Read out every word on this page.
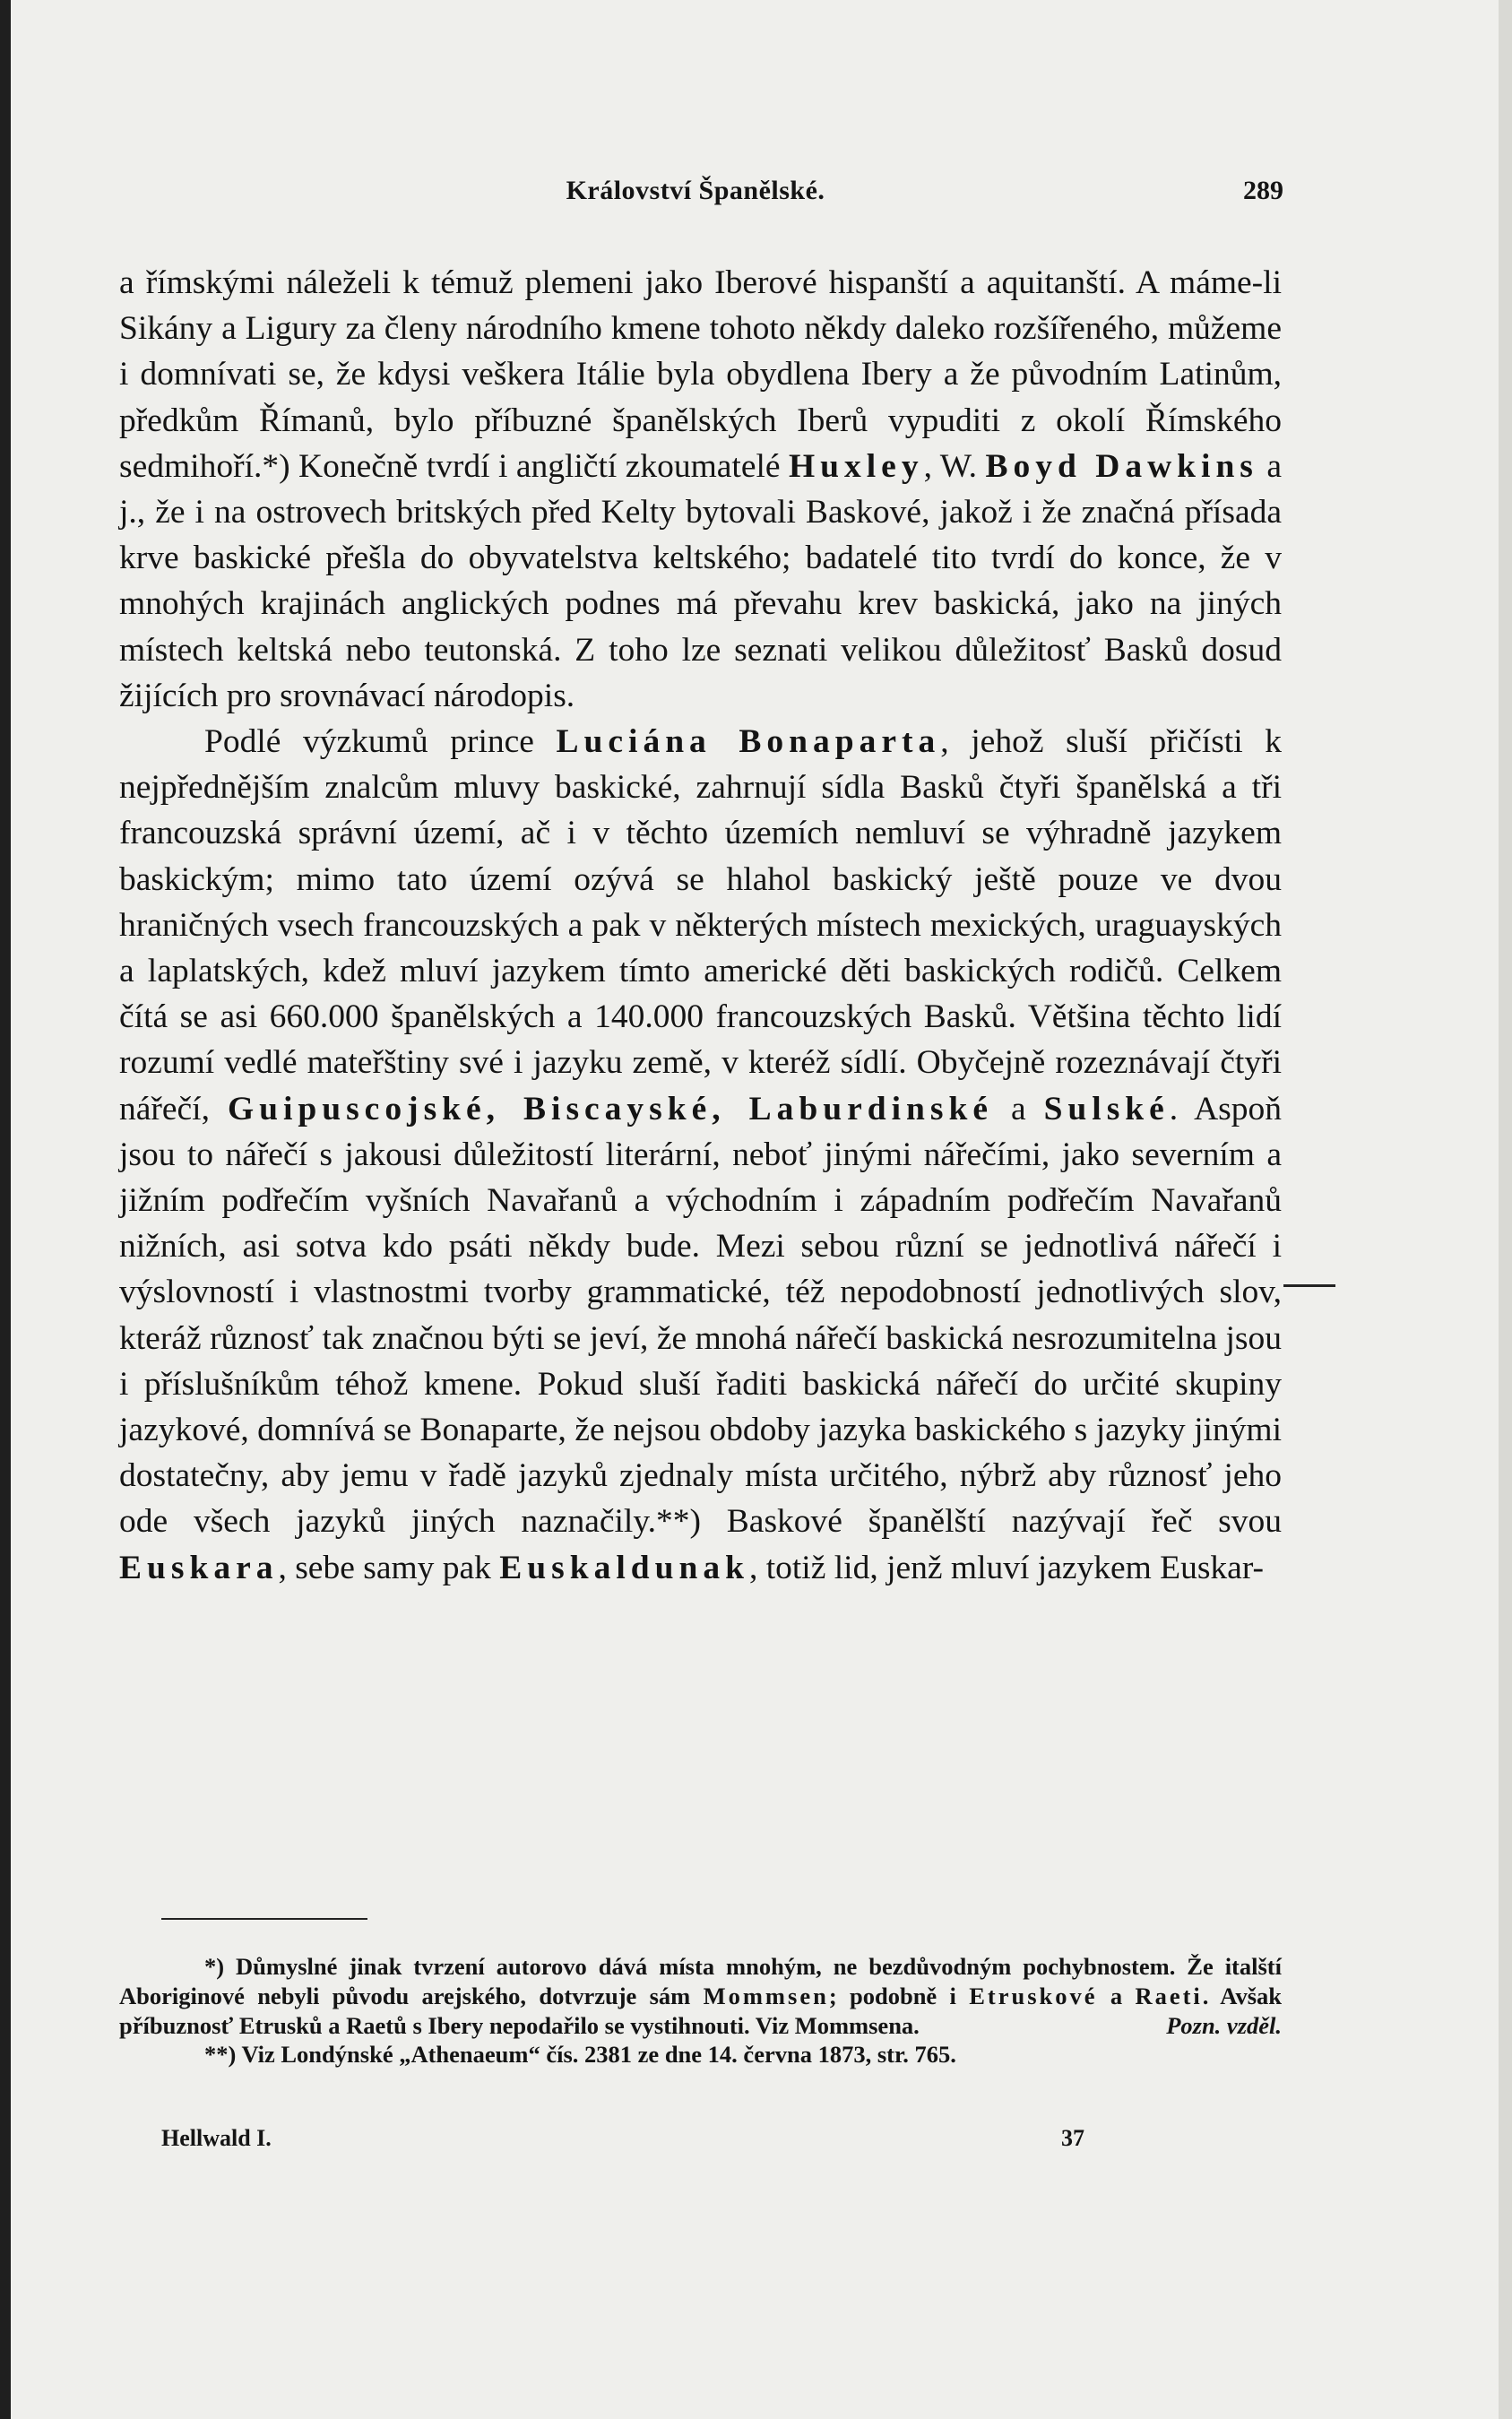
Království Španělské.	289

a římskými náleželi k témuž plemeni jako Iberové hispanští a aquitanští. A máme-li Sikány a Ligury za členy národního kmene tohoto někdy daleko rozšířeného, můžeme i domnívati se, že kdysi veškera Itálie byla obydlena Ibery a že původním Latinům, předkům Římanů, bylo příbuzné španělských Iberů vypuditi z okolí Římského sedmihoří.*) Konečně tvrdí i angličtí zkoumatelé Huxley, W. Boyd Dawkins a j., že i na ostrovech britských před Kelty bytovali Baskové, jakož i že značná přísada krve baskické přešla do obyvatelstva keltského; badatelé tito tvrdí do konce, že v mnohých krajinách anglických podnes má převahu krev baskická, jako na jiných místech keltská nebo teutonská. Z toho lze seznati velikou důležitosť Basků dosud žijících pro srovnávací národopis.

Podlé výzkumů prince Luciána Bonaparta, jehož sluší přičísti k nejpřednějším znalcům mluvy baskické, zahrnují sídla Basků čtyři španělská a tři francouzská správní území, ač i v těchto územích nemluví se výhradně jazykem baskickým; mimo tato území ozývá se hlahol baskický ještě pouze ve dvou hraničných vsech francouzských a pak v některých místech mexických, uraguayských a laplatských, kdež mluví jazykem tímto americké děti baskických rodičů. Celkem čítá se asi 660.000 španělských a 140.000 francouzských Basků. Většina těchto lidí rozumí vedlé mateřštiny své i jazyku země, v kteréž sídlí. Obyčejně rozeznávají čtyři nářečí, Guipuscojské, Biscayské, Laburdinské a Sulské. Aspoň jsou to nářečí s jakousi důležitostí literární, neboť jinými nářečími, jako severním a jižním podřečím vyšních Navařanů a východním i západním podřečím Navařanů nižních, asi sotva kdo psáti někdy bude. Mezi sebou různí se jednotlivá nářečí i výslovností i vlastnostmi tvorby grammatické, též nepodobností jednotlivých slov, kteráž různosť tak značnou býti se jeví, že mnohá nářečí baskická nesrozumitelna jsou i příslušníkům téhož kmene. Pokud sluší řaditi baskická nářečí do určité skupiny jazykové, domnívá se Bonaparte, že nejsou obdoby jazyka baskického s jazyky jinými dostatečny, aby jemu v řadě jazyků zjednaly místa určitého, nýbrž aby různosť jeho ode všech jazyků jiných naznačily.**) Baskové španělští nazývají řeč svou Euskara, sebe samy pak Euskaldunak, totiž lid, jenž mluví jazykem Euskar-

*) Důmyslné jinak tvrzení autorovo dává místa mnohým, ne bezdůvodným pochybnostem. Že italští Aboriginové nebyli původu arejského, dotvrzuje sám Mommsen; podobně i Etruskové a Raeti. Avšak příbuznosť Etrusků a Raetů s Ibery nepodařilo se vystihnouti. Viz Mommsena.	Pozn. vzděl.

**) Viz Londýnské „Athenaeum“ čís. 2381 ze dne 14. června 1873, str. 765.

Hellwald I.	37
